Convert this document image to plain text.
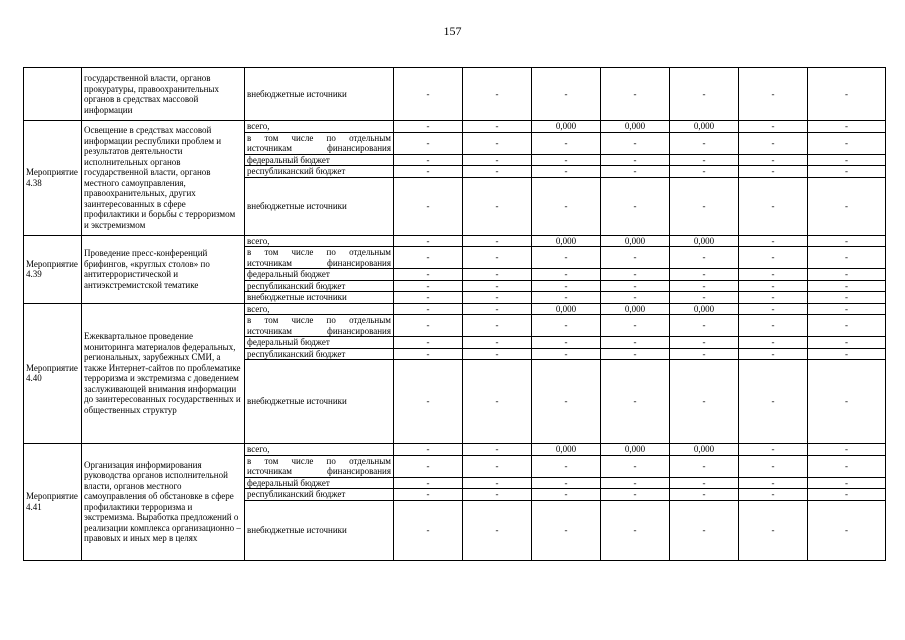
157
	государственной власти, органов прокуратуры, правоохранительных органов в средствах массовой информации	внебюджетные источники	-	-	-	-	-	-	-
Мероприятие 4.38	Освещение в средствах массовой информации республики проблем и результатов деятельности исполнительных органов государственной власти, органов местного самоуправления, правоохранительных, других заинтересованных в сфере профилактики и борьбы с терроризмом и экстремизмом	всего,	-	-	0,000	0,000	0,000	-	-
		в том числе по отдельным источникам финансирования	-	-	-	-	-	-	-
		федеральный бюджет	-	-	-	-	-	-	-
		республиканский бюджет	-	-	-	-	-	-	-
		внебюджетные источники	-	-	-	-	-	-	-
Мероприятие 4.39	Проведение пресс-конференций брифингов, «круглых столов» по антитеррористической и антиэкстремистской тематике	всего,	-	-	0,000	0,000	0,000	-	-
		в том числе по отдельным источникам финансирования	-	-	-	-	-	-	-
		федеральный бюджет	-	-	-	-	-	-	-
		республиканский бюджет	-	-	-	-	-	-	-
		внебюджетные источники	-	-	-	-	-	-	-
Мероприятие 4.40	Ежеквартальное проведение мониторинга материалов федеральных, региональных, зарубежных СМИ, а также Интернет-сайтов по проблематике терроризма и экстремизма с доведением заслуживающей внимания информации до заинтересованных государственных и общественных структур	всего,	-	-	0,000	0,000	0,000	-	-
		в том числе по отдельным источникам финансирования	-	-	-	-	-	-	-
		федеральный бюджет	-	-	-	-	-	-	-
		республиканский бюджет	-	-	-	-	-	-	-
		внебюджетные источники	-	-	-	-	-	-	-
Мероприятие 4.41	Организация информирования руководства органов исполнительной власти, органов местного самоуправления об обстановке в сфере профилактики терроризма и экстремизма. Выработка предложений о реализации комплекса организационно – правовых и иных мер в целях	всего,	-	-	0,000	0,000	0,000	-	-
		в том числе по отдельным источникам финансирования	-	-	-	-	-	-	-
		федеральный бюджет	-	-	-	-	-	-	-
		республиканский бюджет	-	-	-	-	-	-	-
		внебюджетные источники	-	-	-	-	-	-	-
